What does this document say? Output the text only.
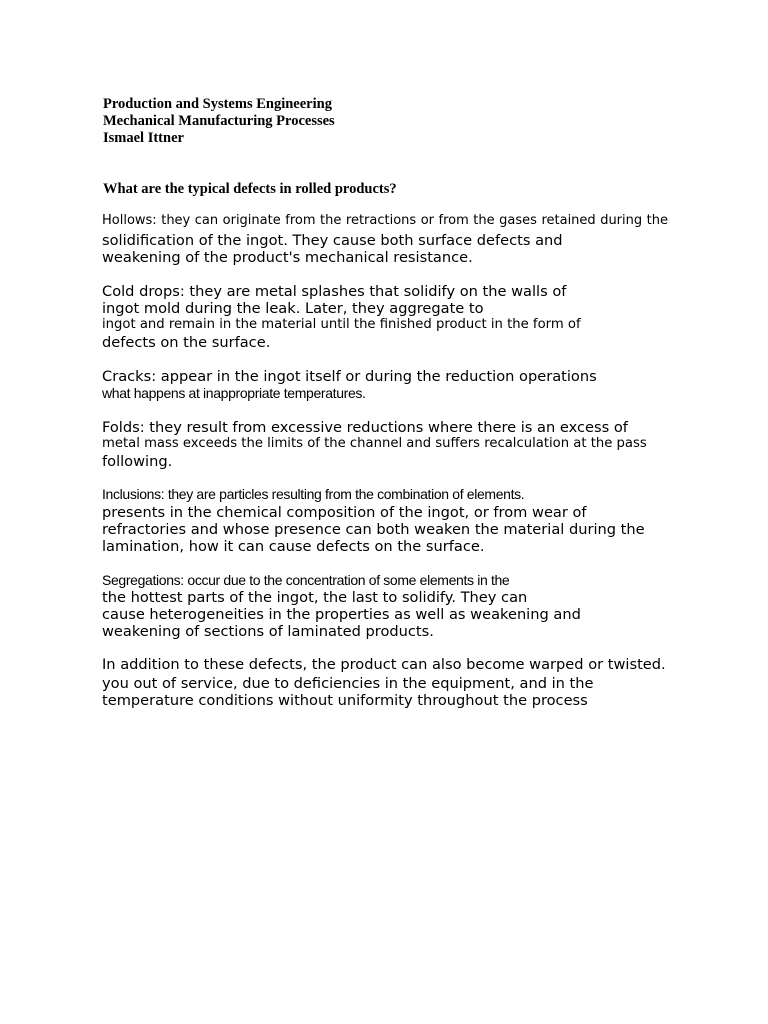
Production and Systems Engineering
Mechanical Manufacturing Processes
Ismael Ittner
What are the typical defects in rolled products?
Hollows: they can originate from the retractions or from the gases retained during the
solidification of the ingot. They cause both surface defects and
weakening of the product's mechanical resistance.
Cold drops: they are metal splashes that solidify on the walls of
ingot mold during the leak. Later, they aggregate to
ingot and remain in the material until the finished product in the form of
defects on the surface.
Cracks: appear in the ingot itself or during the reduction operations
what happens at inappropriate temperatures.
Folds: they result from excessive reductions where there is an excess of
metal mass exceeds the limits of the channel and suffers recalculation at the pass
following.
Inclusions: they are particles resulting from the combination of elements.
presents in the chemical composition of the ingot, or from wear of
refractories and whose presence can both weaken the material during the
lamination, how it can cause defects on the surface.
Segregations: occur due to the concentration of some elements in the
the hottest parts of the ingot, the last to solidify. They can
cause heterogeneities in the properties as well as weakening and
weakening of sections of laminated products.
In addition to these defects, the product can also become warped or twisted.
you out of service, due to deficiencies in the equipment, and in the
temperature conditions without uniformity throughout the process
